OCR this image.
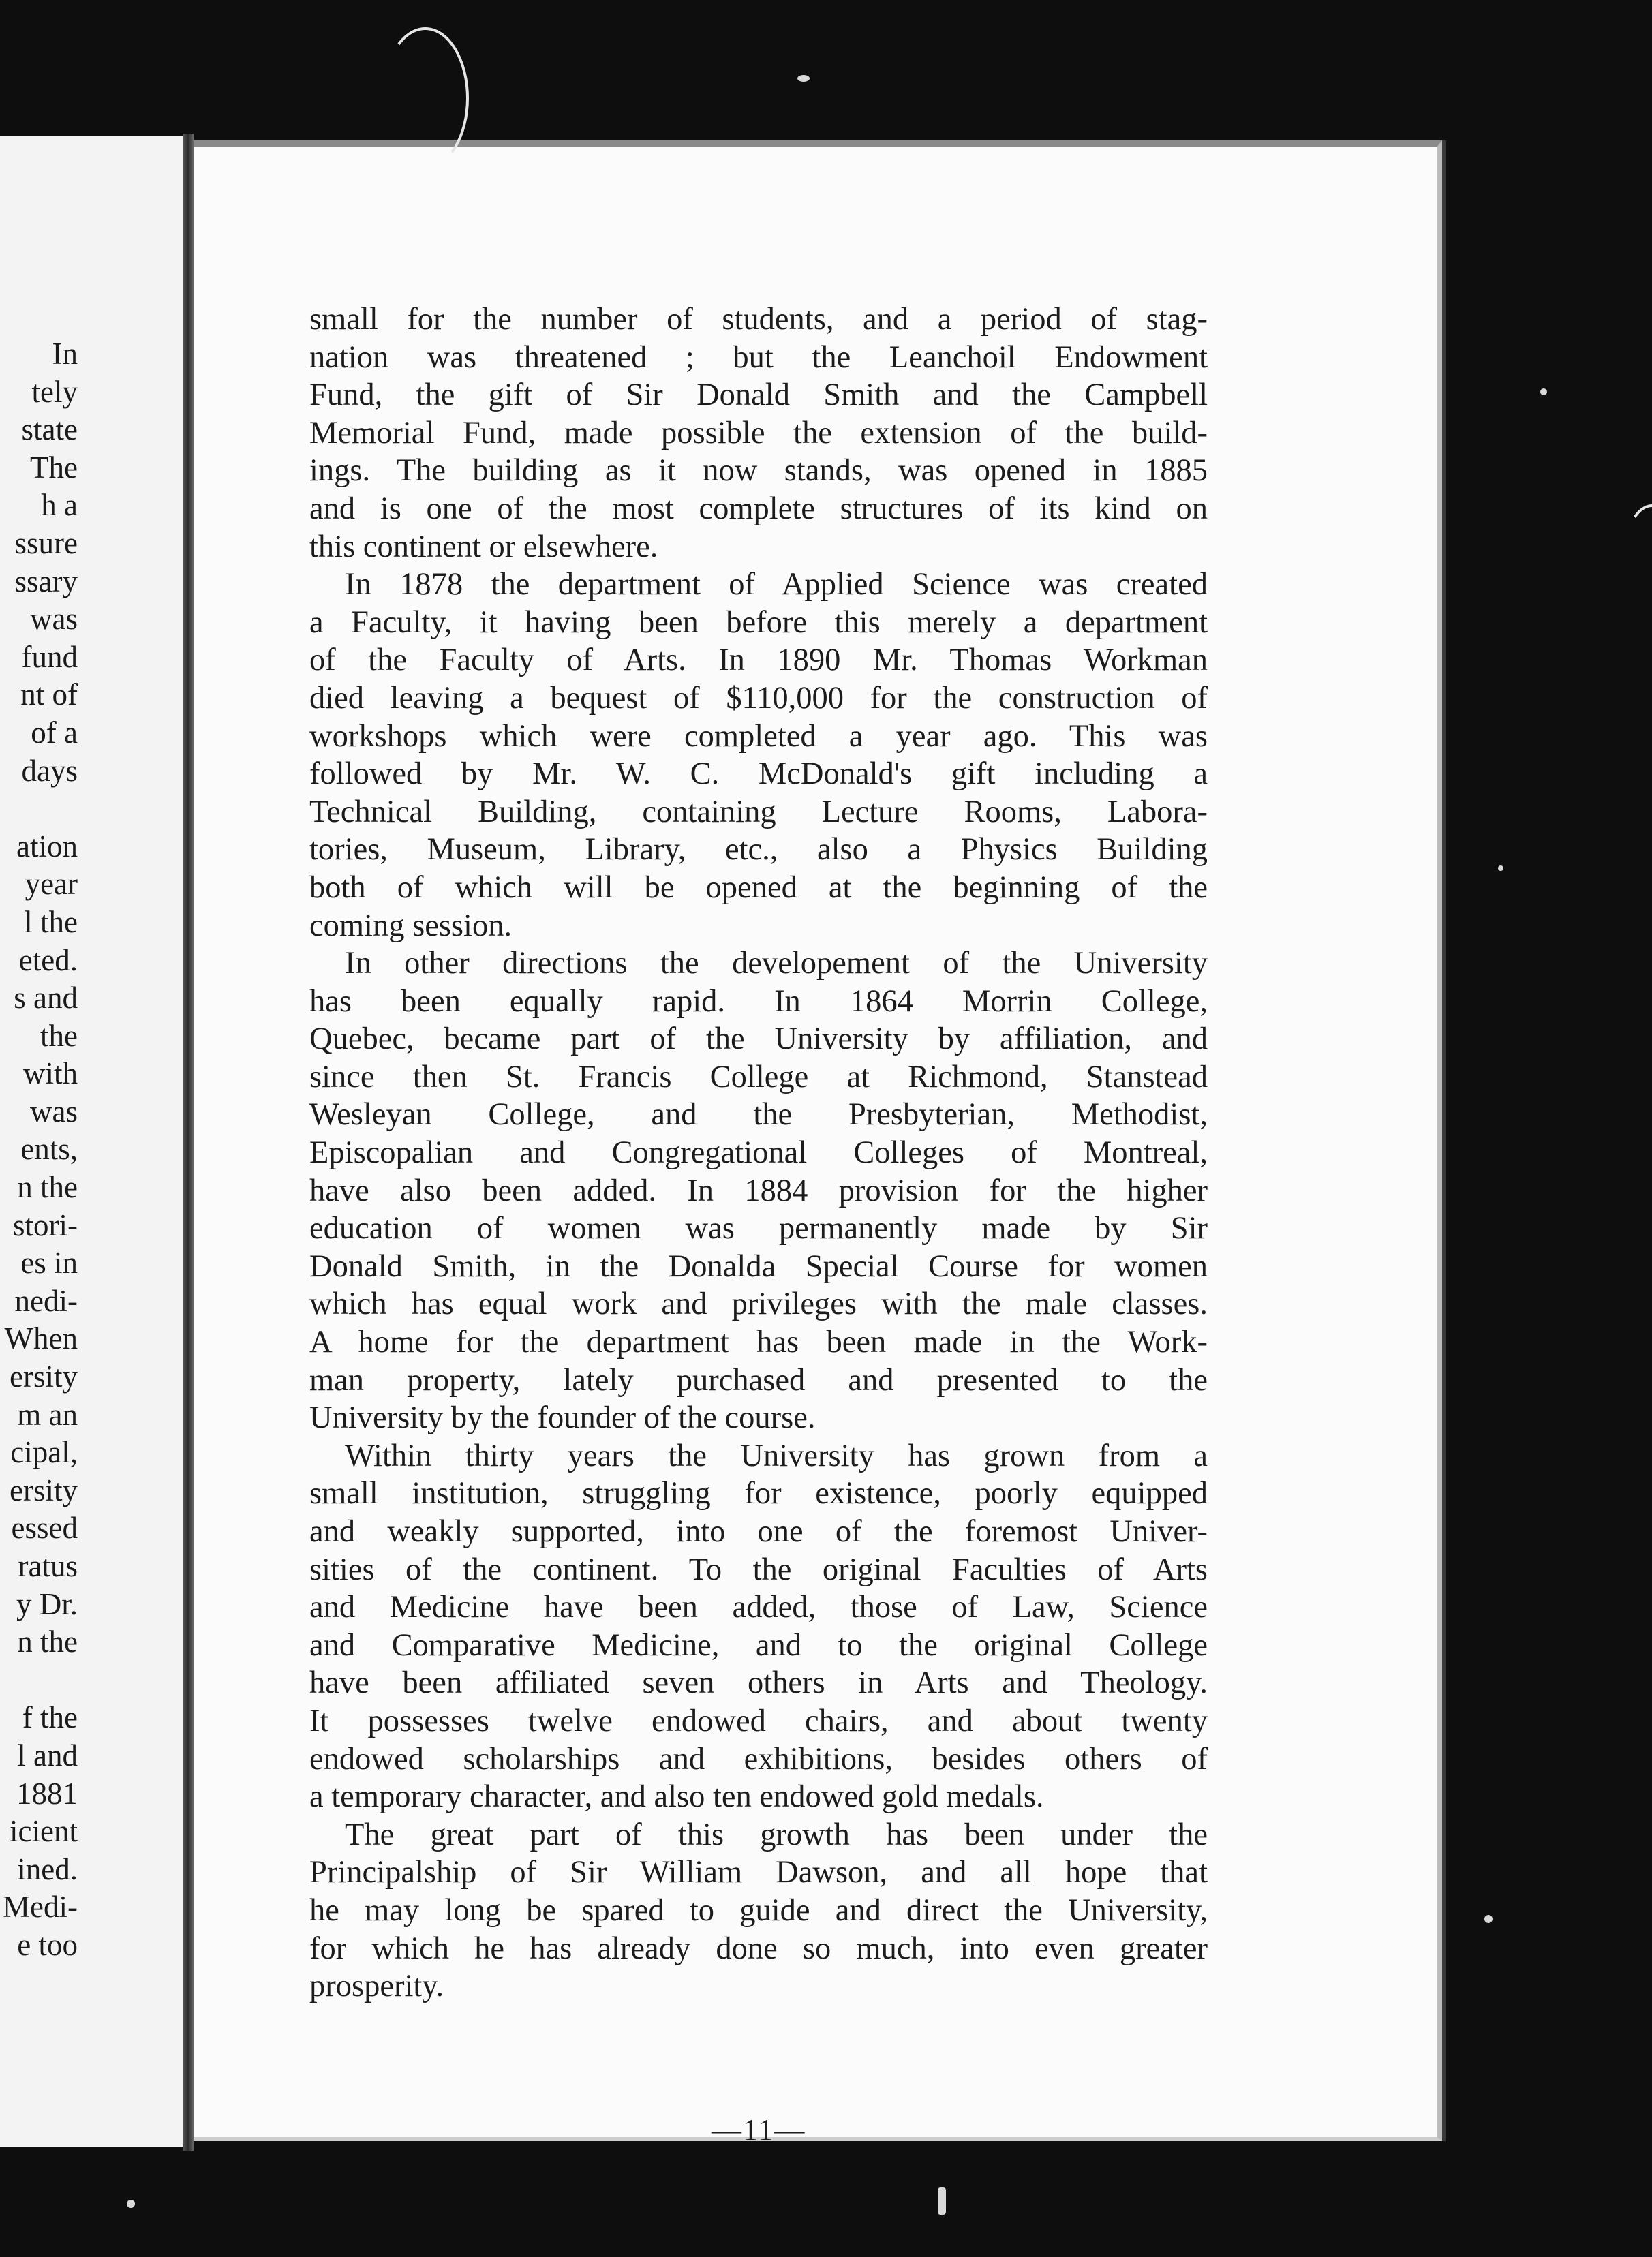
In
tely
state
The
h a
ssure
ssary
was
fund
nt of
of a
days
ation
year
l the
eted.
s and
the
with
was
ents,
n the
stori-
es in
nedi-
When
ersity
m an
cipal,
ersity
essed
ratus
y Dr.
n the
f the
l and
1881
icient
ined.
Medi-
e too
small for the number of students, and a period of stag-
nation was threatened ; but the Leanchoil Endowment
Fund, the gift of Sir Donald Smith and the Campbell
Memorial Fund, made possible the extension of the build-
ings. The building as it now stands, was opened in 1885
and is one of the most complete structures of its kind on
this continent or elsewhere.
In 1878 the department of Applied Science was created
a Faculty, it having been before this merely a department
of the Faculty of Arts. In 1890 Mr. Thomas Workman
died leaving a bequest of $110,000 for the construction of
workshops which were completed a year ago. This was
followed by Mr. W. C. McDonald's gift including a
Technical Building, containing Lecture Rooms, Labora-
tories, Museum, Library, etc., also a Physics Building
both of which will be opened at the beginning of the
coming session.
In other directions the developement of the University
has been equally rapid. In 1864 Morrin College,
Quebec, became part of the University by affiliation, and
since then St. Francis College at Richmond, Stanstead
Wesleyan College, and the Presbyterian, Methodist,
Episcopalian and Congregational Colleges of Montreal,
have also been added. In 1884 provision for the higher
education of women was permanently made by Sir
Donald Smith, in the Donalda Special Course for women
which has equal work and privileges with the male classes.
A home for the department has been made in the Work-
man property, lately purchased and presented to the
University by the founder of the course.
Within thirty years the University has grown from a
small institution, struggling for existence, poorly equipped
and weakly supported, into one of the foremost Univer-
sities of the continent. To the original Faculties of Arts
and Medicine have been added, those of Law, Science
and Comparative Medicine, and to the original College
have been affiliated seven others in Arts and Theology.
It possesses twelve endowed chairs, and about twenty
endowed scholarships and exhibitions, besides others of
a temporary character, and also ten endowed gold medals.
The great part of this growth has been under the
Principalship of Sir William Dawson, and all hope that
he may long be spared to guide and direct the University,
for which he has already done so much, into even greater
prosperity.
—11—
